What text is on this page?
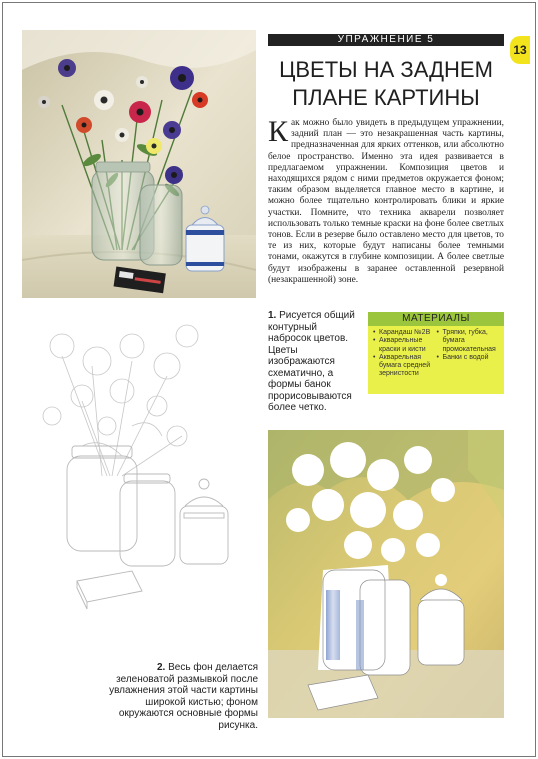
13
УПРАЖНЕНИЕ 5
ЦВЕТЫ НА ЗАДНЕМ ПЛАНЕ КАРТИНЫ
Как можно было увидеть в предыдущем упражнении, задний план — это незакрашенная часть картины, предназначенная для ярких оттенков, или абсолютно белое пространство. Именно эта идея развивается в предлагаемом упражнении. Композиция цветов и находящихся рядом с ними предметов окружается фоном; таким образом выделяется главное место в картине, и можно более тщательно контролировать блики и яркие участки. Помните, что техника акварели позволяет использовать только темные краски на фоне более светлых тонов. Если в резерве было оставлено место для цветов, то те из них, которые будут написаны более темными тонами, окажутся в глубине композиции. А более светлые будут изображены в заранее оставленной резервной (незакрашенной) зоне.
1. Рисуется общий контурный набросок цветов. Цветы изображаются схематично, а формы банок прорисовываются более четко.
МАТЕРИАЛЫ
• Карандаш №2B
• Акварельные краски и кисти
• Акварельная бумага средней зернистости
• Тряпки, губка, бумага промокательная
• Банки с водой
2. Весь фон делается зеленоватой размывкой после увлажнения этой части картины широкой кистью; фоном окружаются основные формы рисунка.
